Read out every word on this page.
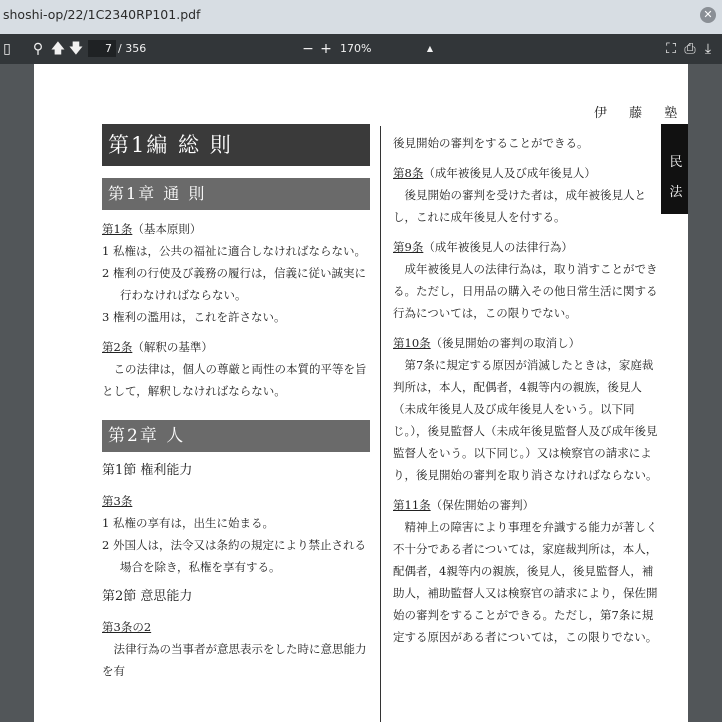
shoshi-op/22/1C2340RP101.pdf	✕
▯ ⚲ 🡅 🡇	− +	⛶ ⎙ ⤓
7 / 356	170%	▲

伊 藤 塾
民
法
第1編 総 則
第1章 通 則
第1条（基本原則）
1 私権は，公共の福祉に適合しなければならない。
2 権利の行使及び義務の履行は，信義に従い誠実に行わなければならない。
3 権利の濫用は，これを許さない。
第2条（解釈の基準）
この法律は，個人の尊厳と両性の本質的平等を旨として，解釈しなければならない。
第2章 人
第1節 権利能力
第3条
1 私権の享有は，出生に始まる。
2 外国人は，法令又は条約の規定により禁止される場合を除き，私権を享有する。
第2節 意思能力
第3条の2
法律行為の当事者が意思表示をした時に意思能力を有
後見開始の審判をすることができる。
第8条（成年被後見人及び成年後見人）
後見開始の審判を受けた者は，成年被後見人とし，これに成年後見人を付する。
第9条（成年被後見人の法律行為）
成年被後見人の法律行為は，取り消すことができる。ただし，日用品の購入その他日常生活に関する行為については，この限りでない。
第10条（後見開始の審判の取消し）
第7条に規定する原因が消滅したときは，家庭裁判所は，本人，配偶者，4親等内の親族，後見人（未成年後見人及び成年後見人をいう。以下同じ。），後見監督人（未成年後見監督人及び成年後見監督人をいう。以下同じ。）又は検察官の請求により，後見開始の審判を取り消さなければならない。
第11条（保佐開始の審判）
精神上の障害により事理を弁識する能力が著しく不十分である者については，家庭裁判所は，本人，配偶者，4親等内の親族，後見人，後見監督人，補助人，補助監督人又は検察官の請求により，保佐開始の審判をすることができる。ただし，第7条に規定する原因がある者については，この限りでない。
